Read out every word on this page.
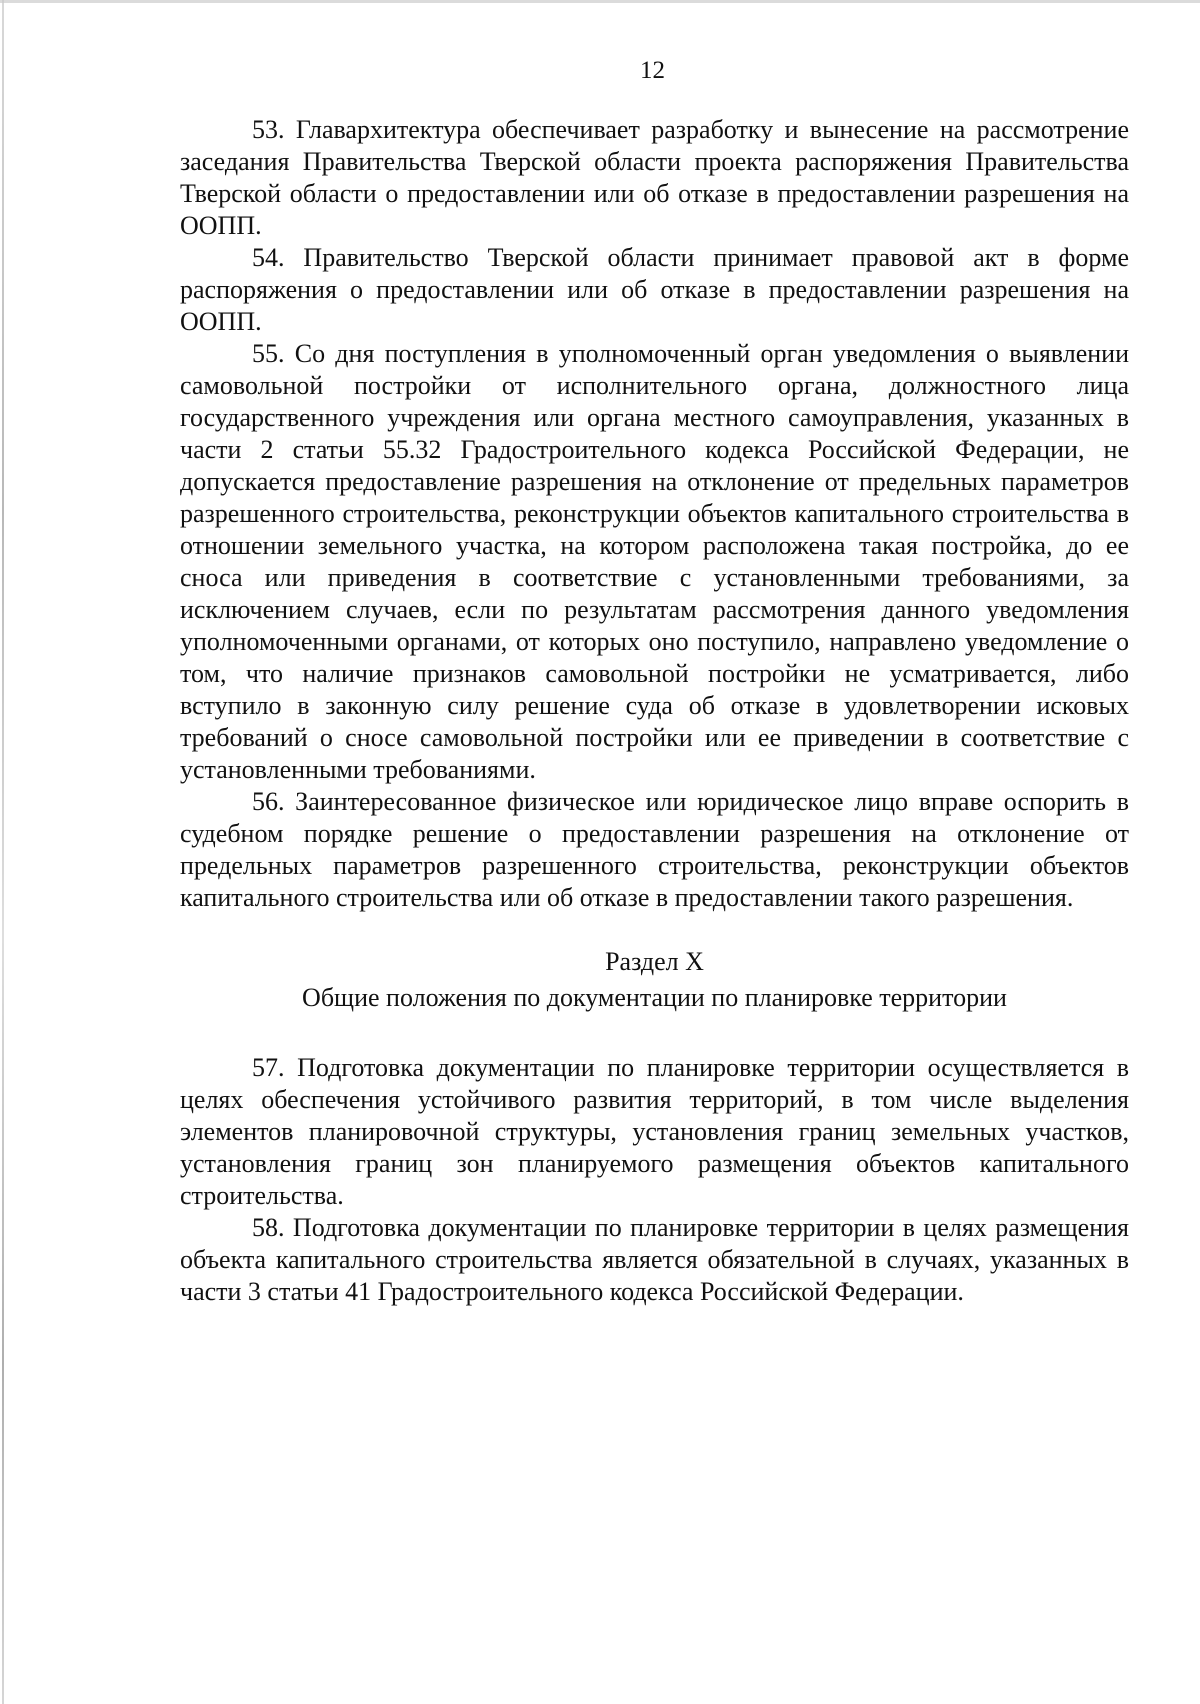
12

53. Главархитектура обеспечивает разработку и вынесение на рассмотрение заседания Правительства Тверской области проекта распоряжения Правительства Тверской области о предоставлении или об отказе в предоставлении разрешения на ООПП.

54. Правительство Тверской области принимает правовой акт в форме распоряжения о предоставлении или об отказе в предоставлении разрешения на ООПП.

55. Со дня поступления в уполномоченный орган уведомления о выявлении самовольной постройки от исполнительного органа, должностного лица государственного учреждения или органа местного самоуправления, указанных в части 2 статьи 55.32 Градостроительного кодекса Российской Федерации, не допускается предоставление разрешения на отклонение от предельных параметров разрешенного строительства, реконструкции объектов капитального строительства в отношении земельного участка, на котором расположена такая постройка, до ее сноса или приведения в соответствие с установленными требованиями, за исключением случаев, если по результатам рассмотрения данного уведомления уполномоченными органами, от которых оно поступило, направлено уведомление о том, что наличие признаков самовольной постройки не усматривается, либо вступило в законную силу решение суда об отказе в удовлетворении исковых требований о сносе самовольной постройки или ее приведении в соответствие с установленными требованиями.

56. Заинтересованное физическое или юридическое лицо вправе оспорить в судебном порядке решение о предоставлении разрешения на отклонение от предельных параметров разрешенного строительства, реконструкции объектов капитального строительства или об отказе в предоставлении такого разрешения.

Раздел X
Общие положения по документации по планировке территории

57. Подготовка документации по планировке территории осуществляется в целях обеспечения устойчивого развития территорий, в том числе выделения элементов планировочной структуры, установления границ земельных участков, установления границ зон планируемого размещения объектов капитального строительства.

58. Подготовка документации по планировке территории в целях размещения объекта капитального строительства является обязательной в случаях, указанных в части 3 статьи 41 Градостроительного кодекса Российской Федерации.
